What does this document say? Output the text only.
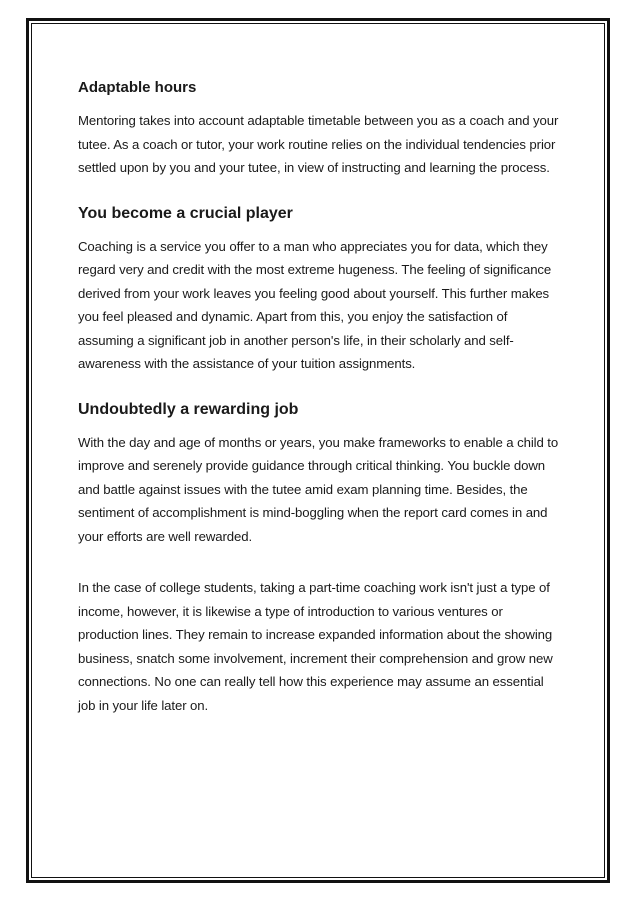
Adaptable hours

Mentoring takes into account adaptable timetable between you as a coach and your tutee. As a coach or tutor, your work routine relies on the individual tendencies prior settled upon by you and your tutee, in view of instructing and learning the process.

You become a crucial player

Coaching is a service you offer to a man who appreciates you for data, which they regard very and credit with the most extreme hugeness. The feeling of significance derived from your work leaves you feeling good about yourself. This further makes you feel pleased and dynamic. Apart from this, you enjoy the satisfaction of assuming a significant job in another person's life, in their scholarly and self-awareness with the assistance of your tuition assignments.

Undoubtedly a rewarding job

With the day and age of months or years, you make frameworks to enable a child to improve and serenely provide guidance through critical thinking. You buckle down and battle against issues with the tutee amid exam planning time. Besides, the sentiment of accomplishment is mind-boggling when the report card comes in and your efforts are well rewarded.

In the case of college students, taking a part-time coaching work isn't just a type of income, however, it is likewise a type of introduction to various ventures or production lines. They remain to increase expanded information about the showing business, snatch some involvement, increment their comprehension and grow new connections. No one can really tell how this experience may assume an essential job in your life later on.
